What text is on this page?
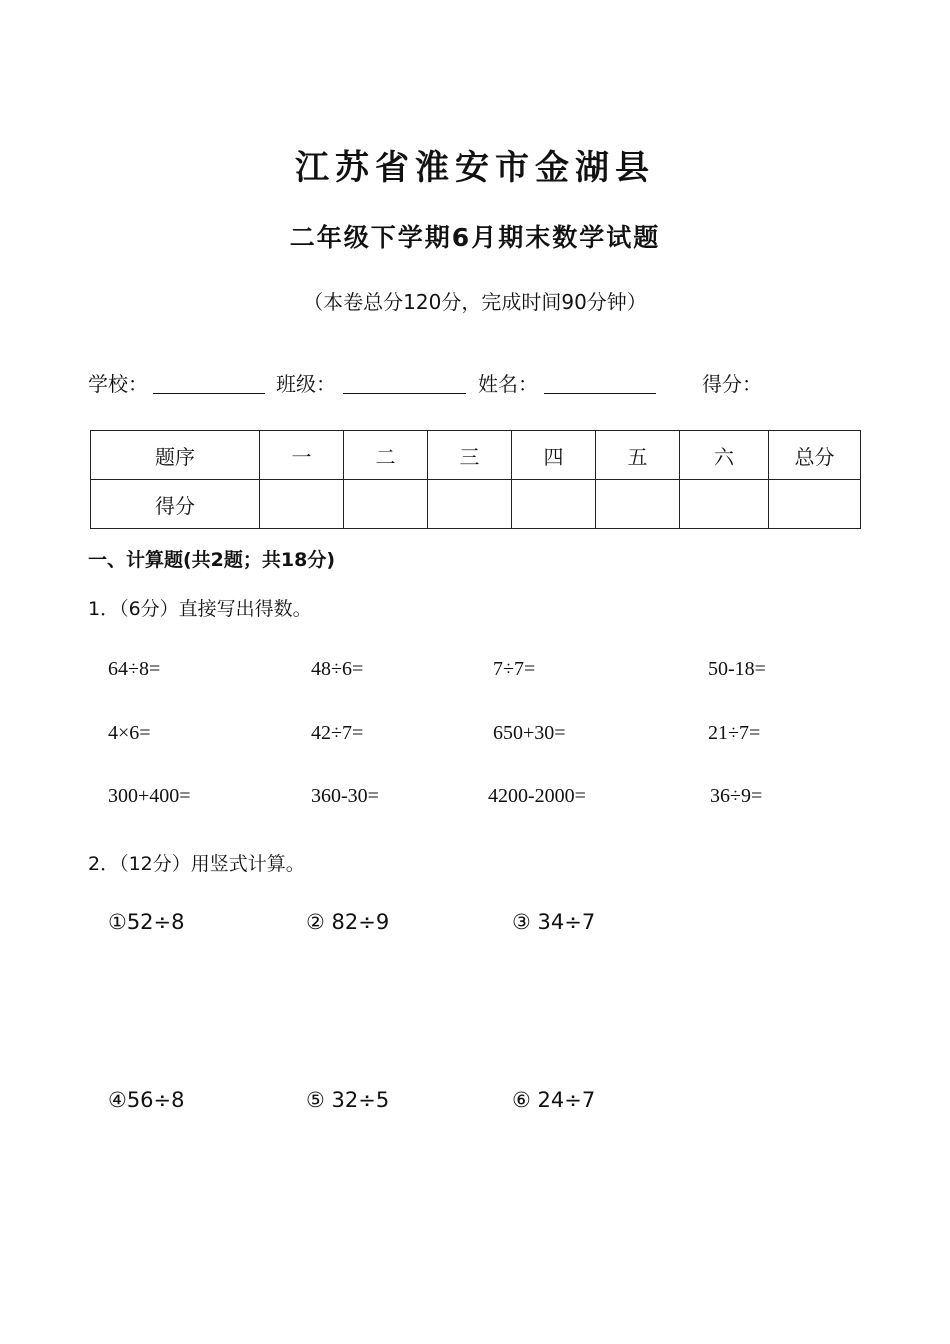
江苏省淮安市金湖县
二年级下学期6月期末数学试题
（本卷总分120分，完成时间90分钟）
学校：	班级：	姓名：	得分：
题序	一	二	三	四	五	六	总分
得分							
一、计算题(共2题；共18分)
1．（6分）直接写出得数。
64÷8=	48÷6=	7÷7=	50-18=
4×6=	42÷7=	650+30=	21÷7=
300+400=	360-30=	4200-2000=	36÷9=
2．（12分）用竖式计算。
①52÷8	② 82÷9	③ 34÷7
④56÷8	⑤ 32÷5	⑥ 24÷7
